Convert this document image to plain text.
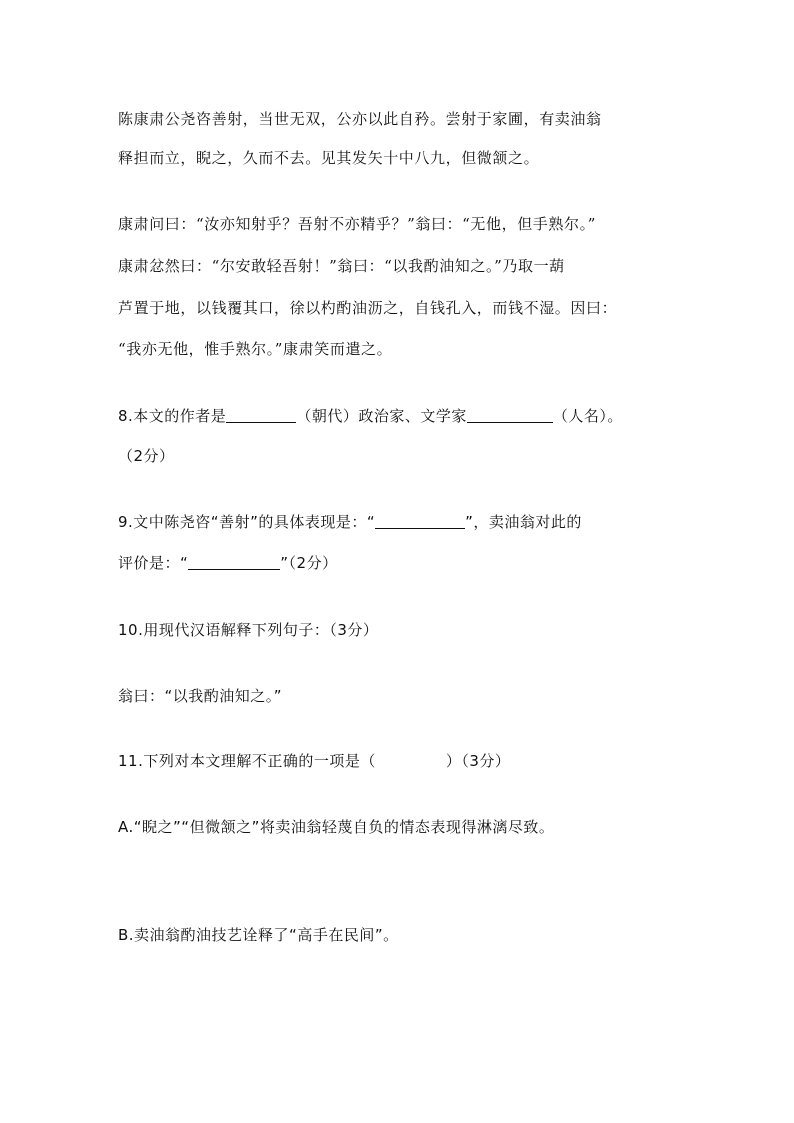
陈康肃公尧咨善射，当世无双，公亦以此自矜。尝射于家圃，有卖油翁
释担而立，睨之，久而不去。见其发矢十中八九，但微颔之。
康肃问曰：“汝亦知射乎？吾射不亦精乎？”翁曰：“无他，但手熟尔。”
康肃忿然曰：“尔安敢轻吾射！”翁曰：“以我酌油知之。”乃取一葫
芦置于地，以钱覆其口，徐以杓酌油沥之，自钱孔入，而钱不湿。因曰：
“我亦无他，惟手熟尔。”康肃笑而遣之。
8.本文的作者是	（朝代）政治家、文学家	（人名）。
（2分）
9.文中陈尧咨“善射”的具体表现是：“	”，卖油翁对此的
评价是：“	”（2分）
10.用现代汉语解释下列句子：（3分）
翁曰：“以我酌油知之。”
11.下列对本文理解不正确的一项是（	）（3分）
A.“睨之”“但微颔之”将卖油翁轻蔑自负的情态表现得淋漓尽致。
B.卖油翁酌油技艺诠释了“高手在民间”。
